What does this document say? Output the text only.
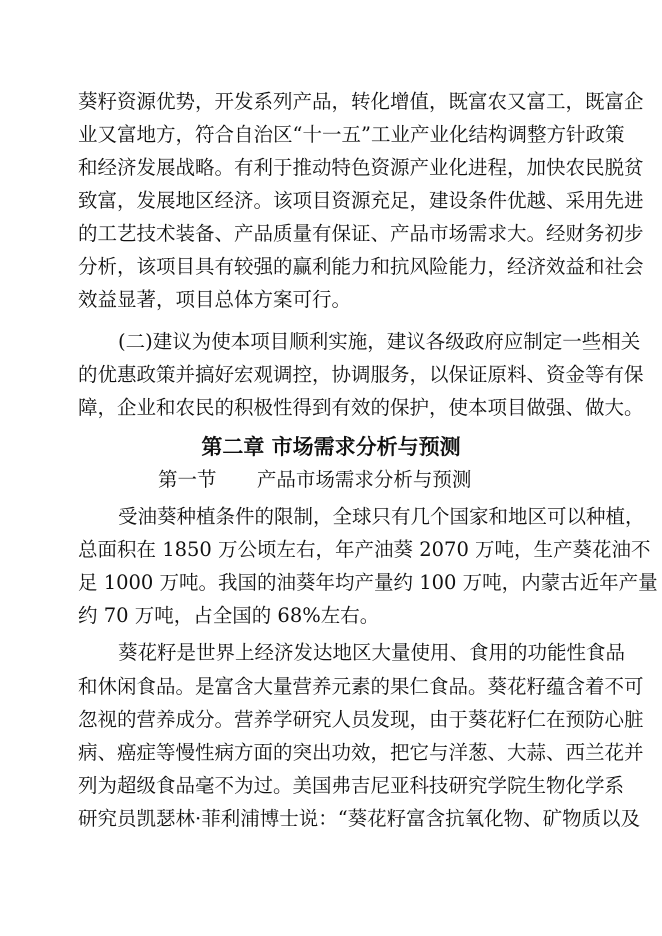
葵籽资源优势，开发系列产品，转化增值，既富农又富工，既富企
业又富地方，符合自治区“十一五”工业产业化结构调整方针政策
和经济发展战略。有利于推动特色资源产业化进程，加快农民脱贫
致富，发展地区经济。该项目资源充足，建设条件优越、采用先进
的工艺技术装备、产品质量有保证、产品市场需求大。经财务初步
分析，该项目具有较强的赢利能力和抗风险能力，经济效益和社会
效益显著，项目总体方案可行。
(二)建议为使本项目顺利实施，建议各级政府应制定一些相关
的优惠政策并搞好宏观调控，协调服务，以保证原料、资金等有保
障，企业和农民的积极性得到有效的保护，使本项目做强、做大。
第二章 市场需求分析与预测
第一节 产品市场需求分析与预测
受油葵种植条件的限制，全球只有几个国家和地区可以种植，
总面积在 1850 万公顷左右，年产油葵 2070 万吨，生产葵花油不
足 1000 万吨。我国的油葵年均产量约 100 万吨，内蒙古近年产量
约 70 万吨，占全国的 68%左右。
葵花籽是世界上经济发达地区大量使用、食用的功能性食品
和休闲食品。是富含大量营养元素的果仁食品。葵花籽蕴含着不可
忽视的营养成分。营养学研究人员发现，由于葵花籽仁在预防心脏
病、癌症等慢性病方面的突出功效，把它与洋葱、大蒜、西兰花并
列为超级食品毫不为过。美国弗吉尼亚科技研究学院生物化学系
研究员凯瑟林·菲利浦博士说：“葵花籽富含抗氧化物、矿物质以及
